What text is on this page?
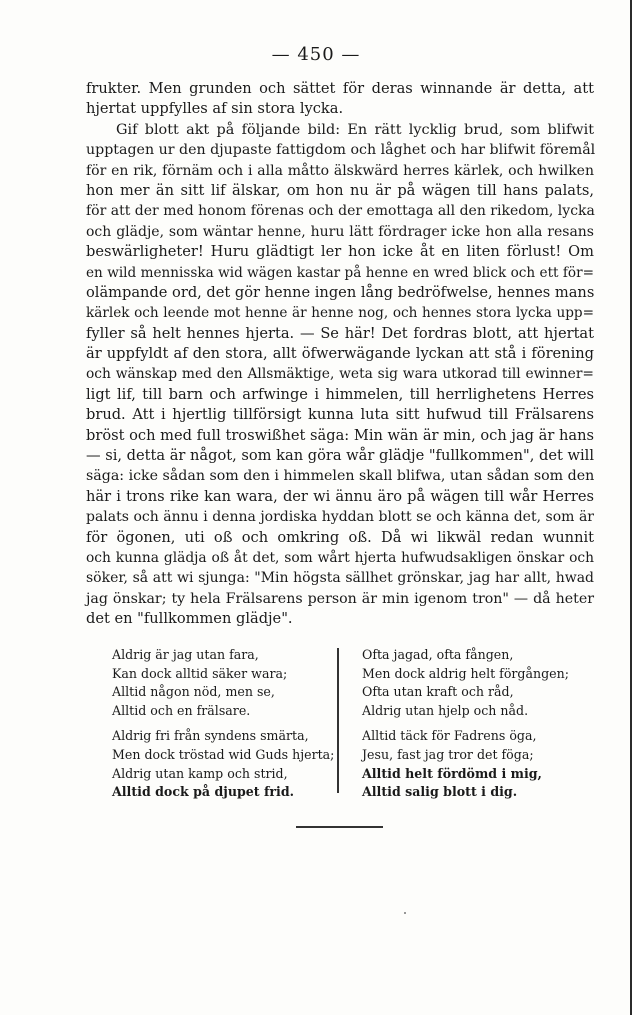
— 450 —
frukter. Men grunden och sättet för deras winnande är detta, att
hjertat uppfylles af sin stora lycka.
Gif blott akt på följande bild: En rätt lycklig brud, som blifwit
upptagen ur den djupaste fattigdom och låghet och har blifwit föremål
för en rik, förnäm och i alla måtto älskwärd herres kärlek, och hwilken
hon mer än sitt lif älskar, om hon nu är på wägen till hans palats,
för att der med honom förenas och der emottaga all den rikedom, lycka
och glädje, som wäntar henne, huru lätt fördrager icke hon alla resans
beswärligheter! Huru glädtigt ler hon icke åt en liten förlust! Om
en wild mennisska wid wägen kastar på henne en wred blick och ett för=
olämpande ord, det gör henne ingen lång bedröfwelse, hennes mans
kärlek och leende mot henne är henne nog, och hennes stora lycka upp=
fyller så helt hennes hjerta. — Se här! Det fordras blott, att hjertat
är uppfyldt af den stora, allt öfwerwägande lyckan att stå i förening
och wänskap med den Allsmäktige, weta sig wara utkorad till ewinner=
ligt lif, till barn och arfwinge i himmelen, till herrlighetens Herres
brud. Att i hjertlig tillförsigt kunna luta sitt hufwud till Frälsarens
bröst och med full troswißhet säga: Min wän är min, och jag är hans
— si, detta är något, som kan göra wår glädje "fullkommen", det will
säga: icke sådan som den i himmelen skall blifwa, utan sådan som den
här i trons rike kan wara, der wi ännu äro på wägen till wår Herres
palats och ännu i denna jordiska hyddan blott se och känna det, som är
för ögonen, uti oß och omkring oß. Då wi likwäl redan wunnit
och kunna glädja oß åt det, som wårt hjerta hufwudsakligen önskar och
söker, så att wi sjunga: "Min högsta sällhet grönskar, jag har allt, hwad
jag önskar; ty hela Frälsarens person är min igenom tron" — då heter
det en "fullkommen glädje".
Aldrig är jag utan fara,
Kan dock alltid säker wara;
Alltid någon nöd, men se,
Alltid och en frälsare.
Aldrig fri från syndens smärta,
Men dock tröstad wid Guds hjerta;
Aldrig utan kamp och strid,
Alltid dock på djupet frid.
Ofta jagad, ofta fången,
Men dock aldrig helt förgången;
Ofta utan kraft och råd,
Aldrig utan hjelp och nåd.
Alltid täck för Fadrens öga,
Jesu, fast jag tror det föga;
Alltid helt fördömd i mig,
Alltid salig blott i dig.
